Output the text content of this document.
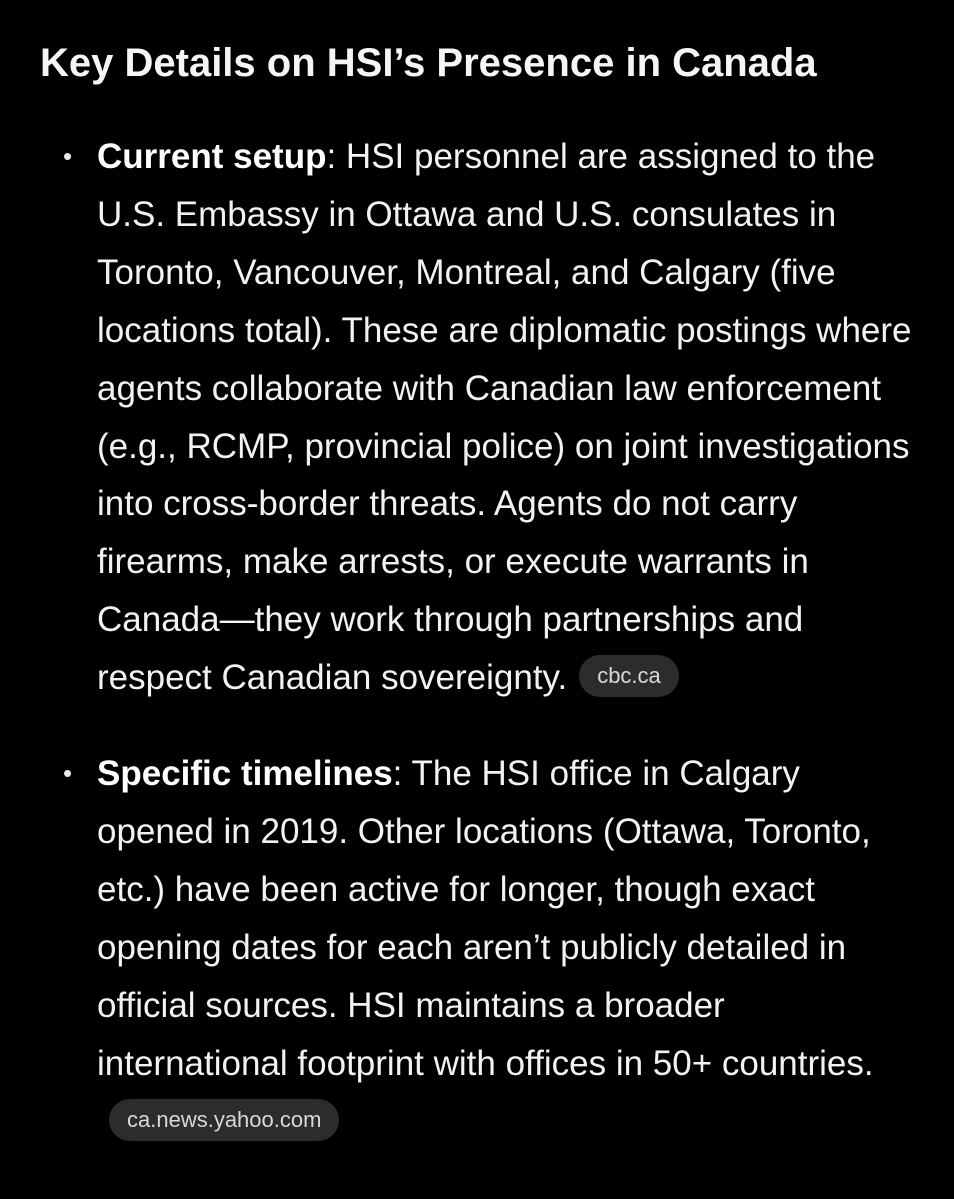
Key Details on HSI’s Presence in Canada
• Current setup: HSI personnel are assigned to the U.S. Embassy in Ottawa and U.S. consulates in Toronto, Vancouver, Montreal, and Calgary (five locations total). These are diplomatic postings where agents collaborate with Canadian law enforcement (e.g., RCMP, provincial police) on joint investigations into cross-border threats. Agents do not carry firearms, make arrests, or execute warrants in Canada—they work through partnerships and respect Canadian sovereignty. cbc.ca
• Specific timelines: The HSI office in Calgary opened in 2019. Other locations (Ottawa, Toronto, etc.) have been active for longer, though exact opening dates for each aren’t publicly detailed in official sources. HSI maintains a broader international footprint with offices in 50+ countries.ca.news.yahoo.com
